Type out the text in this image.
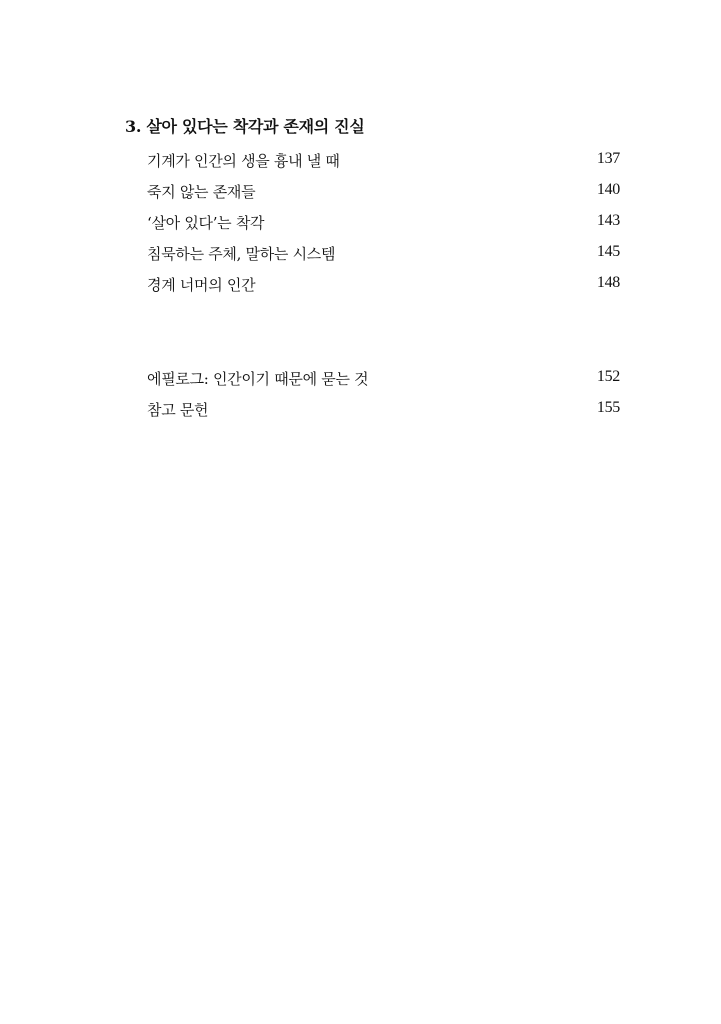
3. 살아 있다는 착각과 존재의 진실
기계가 인간의 생을 흉내 낼 때	137
죽지 않는 존재들	140
‘살아 있다’는 착각	143
침묵하는 주체, 말하는 시스템	145
경계 너머의 인간	148
에필로그: 인간이기 때문에 묻는 것	152
참고 문헌	155
